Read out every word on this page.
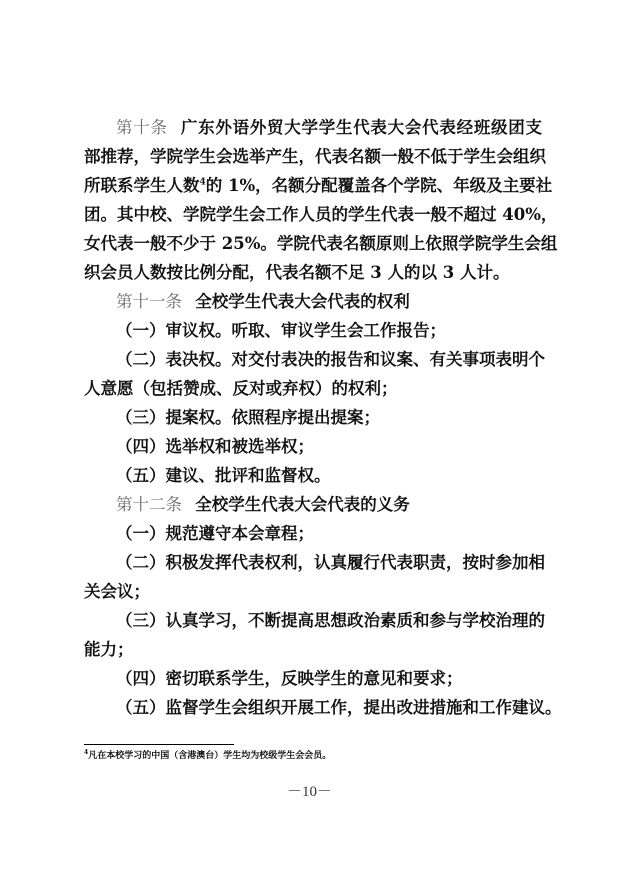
第十条 广东外语外贸大学学生代表大会代表经班级团支
部推荐，学院学生会选举产生，代表名额一般不低于学生会组织
所联系学生人数$^4$的 1%，名额分配覆盖各个学院、年级及主要社
团。其中校、学院学生会工作人员的学生代表一般不超过 40%，
女代表一般不少于 25%。学院代表名额原则上依照学院学生会组
织会员人数按比例分配，代表名额不足 3 人的以 3 人计。
第十一条 全校学生代表大会代表的权利
（一）审议权。听取、审议学生会工作报告；
（二）表决权。对交付表决的报告和议案、有关事项表明个
人意愿（包括赞成、反对或弃权）的权利；
（三）提案权。依照程序提出提案；
（四）选举权和被选举权；
（五）建议、批评和监督权。
第十二条 全校学生代表大会代表的义务
（一）规范遵守本会章程；
（二）积极发挥代表权利，认真履行代表职责，按时参加相
关会议；
（三）认真学习，不断提高思想政治素质和参与学校治理的
能力；
（四）密切联系学生，反映学生的意见和要求；
（五）监督学生会组织开展工作，提出改进措施和工作建议。
$^4$凡在本校学习的中国（含港澳台）学生均为校级学生会会员。
－10－
